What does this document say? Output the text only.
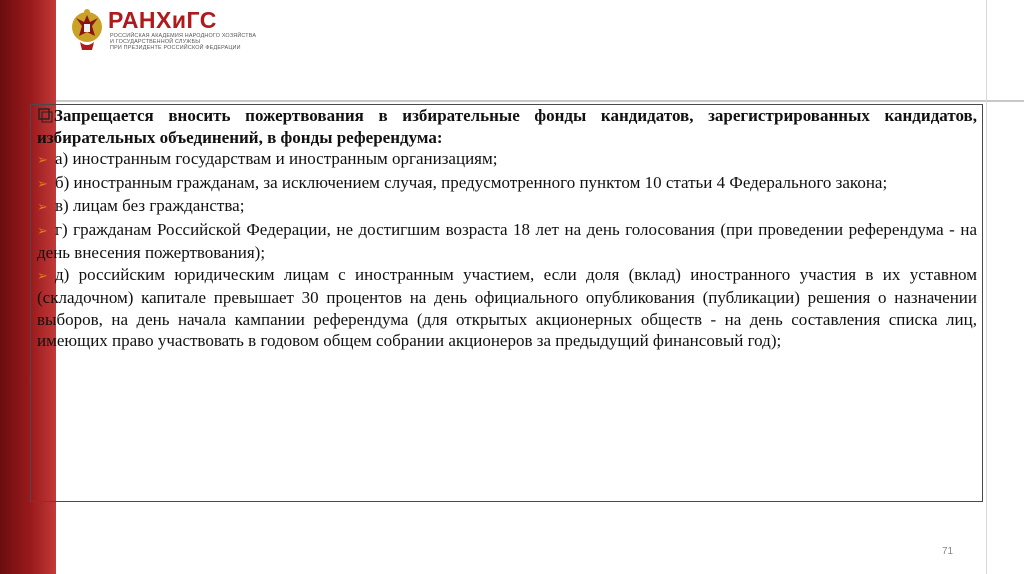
РАНХиГС
РОССИЙСКАЯ АКАДЕМИЯ НАРОДНОГО ХОЗЯЙСТВА
И ГОСУДАРСТВЕННОЙ СЛУЖБЫ
ПРИ ПРЕЗИДЕНТЕ РОССИЙСКОЙ ФЕДЕРАЦИИ

Запрещается вносить пожертвования в избирательные фонды кандидатов, зарегистрированных кандидатов, избирательных объединений, в фонды референдума:

➢ а) иностранным государствам и иностранным организациям;

➢ б) иностранным гражданам, за исключением случая, предусмотренного пунктом 10 статьи 4 Федерального закона;

➢ в) лицам без гражданства;

➢ г) гражданам Российской Федерации, не достигшим возраста 18 лет на день голосования (при проведении референдума - на день внесения пожертвования);

➢ д) российским юридическим лицам с иностранным участием, если доля (вклад) иностранного участия в их уставном (складочном) капитале превышает 30 процентов на день официального опубликования (публикации) решения о назначении выборов, на день начала кампании референдума (для открытых акционерных обществ - на день составления списка лиц, имеющих право участвовать в годовом общем собрании акционеров за предыдущий финансовый год);

71
